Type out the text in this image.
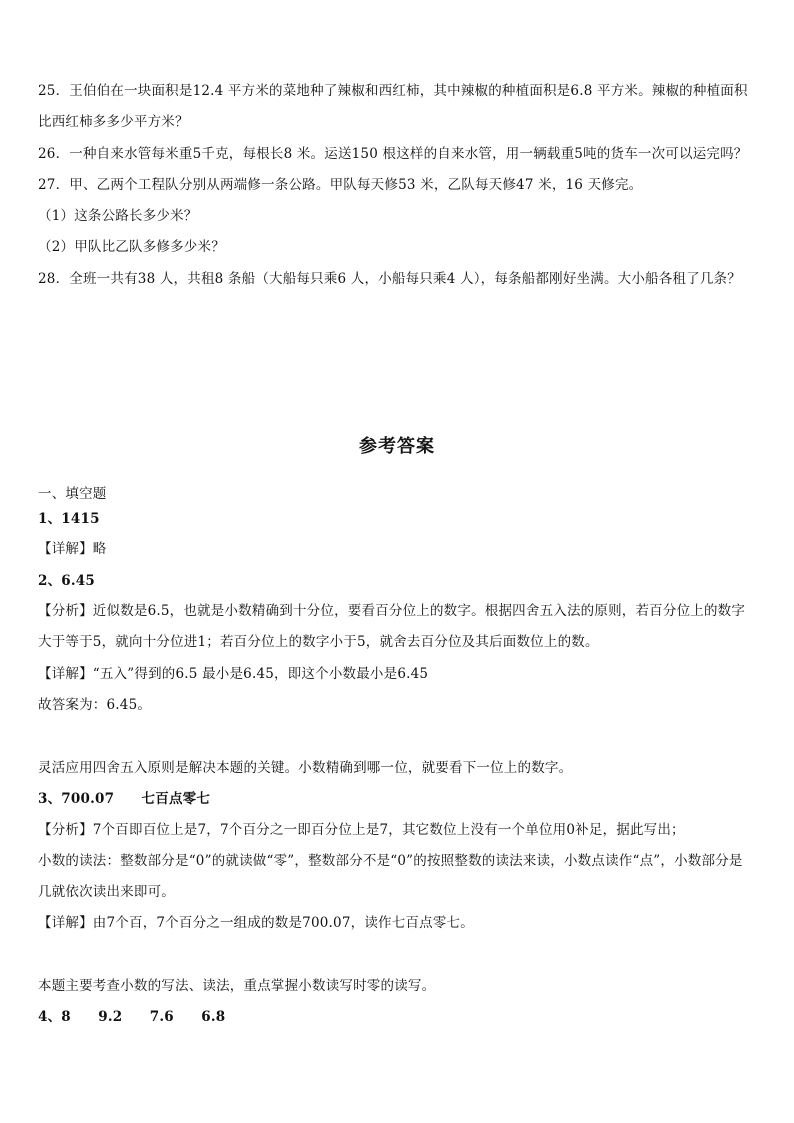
25．王伯伯在一块面积是12.4 平方米的菜地种了辣椒和西红柿，其中辣椒的种植面积是6.8 平方米。辣椒的种植面积
比西红柿多多少平方米？
26．一种自来水管每米重5千克，每根长8 米。运送150 根这样的自来水管，用一辆载重5吨的货车一次可以运完吗？
27．甲、乙两个工程队分别从两端修一条公路。甲队每天修53 米，乙队每天修47 米，16 天修完。
（1）这条公路长多少米？
（2）甲队比乙队多修多少米？
28．全班一共有38 人，共租8 条船（大船每只乘6 人，小船每只乘4 人），每条船都刚好坐满。大小船各租了几条？
参考答案
一、填空题
1、1415
【详解】略
2、6.45
【分析】近似数是6.5，也就是小数精确到十分位，要看百分位上的数字。根据四舍五入法的原则，若百分位上的数字
大于等于5，就向十分位进1；若百分位上的数字小于5，就舍去百分位及其后面数位上的数。
【详解】“五入”得到的6.5 最小是6.45，即这个小数最小是6.45
故答案为：6.45。
灵活应用四舍五入原则是解决本题的关键。小数精确到哪一位，就要看下一位上的数字。
3、700.07　　七百点零七
【分析】7个百即百位上是7，7个百分之一即百分位上是7，其它数位上没有一个单位用0补足，据此写出；
小数的读法：整数部分是“0”的就读做“零”，整数部分不是“0”的按照整数的读法来读，小数点读作“点”，小数部分是
几就依次读出来即可。
【详解】由7个百，7个百分之一组成的数是700.07，读作七百点零七。
本题主要考查小数的写法、读法，重点掌握小数读写时零的读写。
4、8　　9.2　　7.6　　6.8
